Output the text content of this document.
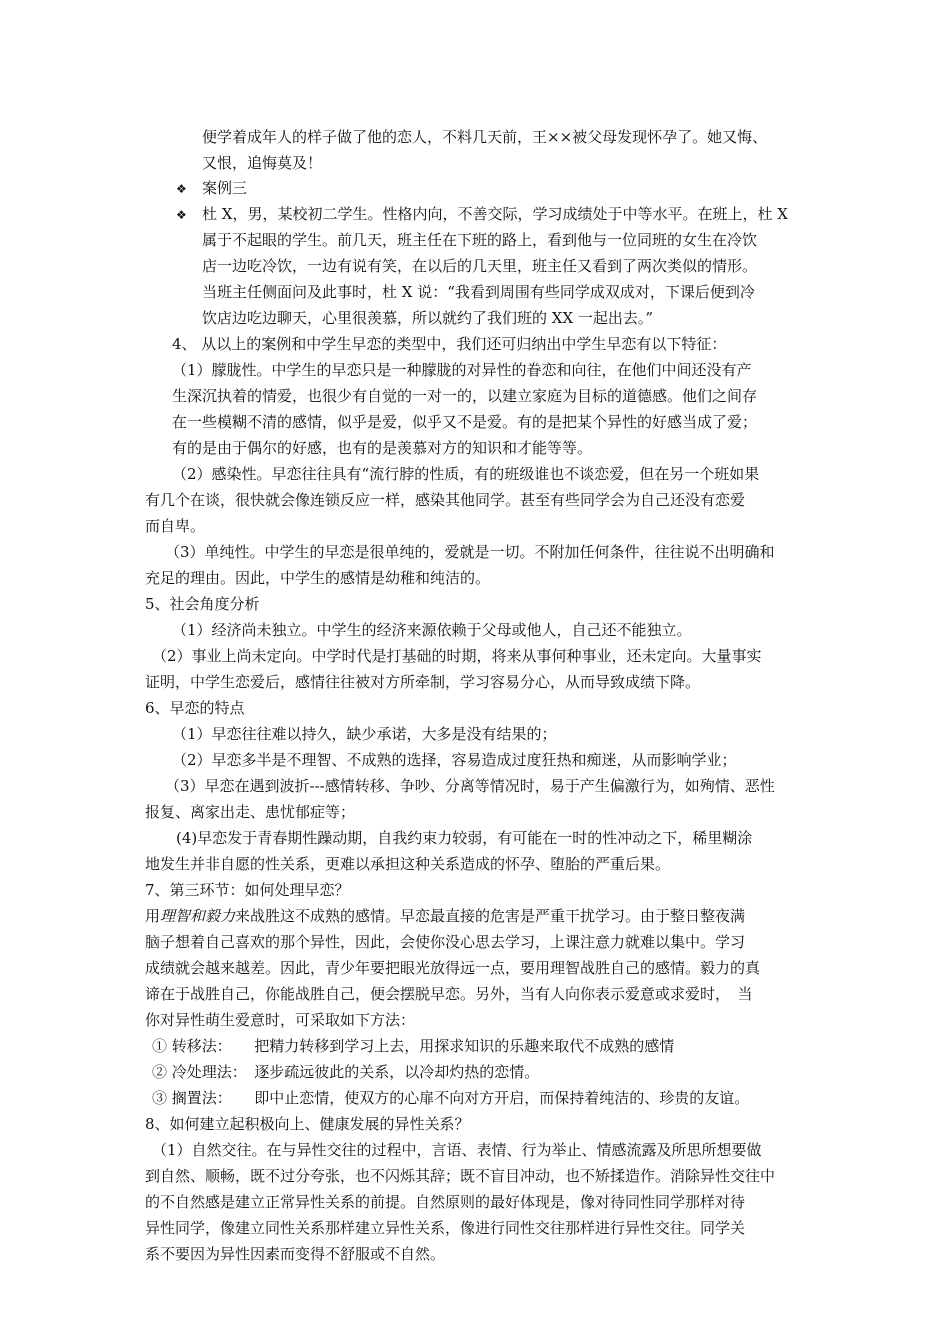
便学着成年人的样子做了他的恋人，不料几天前，王××被父母发现怀孕了。她又悔、
又恨，追悔莫及！
❖ 案例三
❖ 杜 X，男，某校初二学生。性格内向，不善交际，学习成绩处于中等水平。在班上，杜 X
属于不起眼的学生。前几天，班主任在下班的路上，看到他与一位同班的女生在冷饮
店一边吃冷饮，一边有说有笑，在以后的几天里，班主任又看到了两次类似的情形。
当班主任侧面问及此事时，杜 X 说：“我看到周围有些同学成双成对，下课后便到冷
饮店边吃边聊天，心里很羡慕，所以就约了我们班的 XX 一起出去。”
4、 从以上的案例和中学生早恋的类型中，我们还可归纳出中学生早恋有以下特征：
（1）朦胧性。中学生的早恋只是一种朦胧的对异性的眷恋和向往，在他们中间还没有产
生深沉执着的情爱，也很少有自觉的一对一的，以建立家庭为目标的道德感。他们之间存
在一些模糊不清的感情，似乎是爱，似乎又不是爱。有的是把某个异性的好感当成了爱；
有的是由于偶尔的好感，也有的是羡慕对方的知识和才能等等。
（2）感染性。早恋往往具有“流行脖的性质，有的班级谁也不谈恋爱，但在另一个班如果
有几个在谈，很快就会像连锁反应一样，感染其他同学。甚至有些同学会为自己还没有恋爱
而自卑。
（3）单纯性。中学生的早恋是很单纯的，爱就是一切。不附加任何条件，往往说不出明确和
充足的理由。因此，中学生的感情是幼稚和纯洁的。
5、社会角度分析
（1）经济尚未独立。中学生的经济来源依赖于父母或他人，自己还不能独立。
（2）事业上尚未定向。中学时代是打基础的时期，将来从事何种事业，还未定向。大量事实
证明，中学生恋爱后，感情往往被对方所牵制，学习容易分心，从而导致成绩下降。
6、早恋的特点
（1）早恋往往难以持久，缺少承诺，大多是没有结果的；
（2）早恋多半是不理智、不成熟的选择，容易造成过度狂热和痴迷，从而影响学业；
（3）早恋在遇到波折---感情转移、争吵、分离等情况时，易于产生偏激行为，如殉情、恶性
报复、离家出走、患忧郁症等；
(4)早恋发于青春期性躁动期，自我约束力较弱，有可能在一时的性冲动之下，稀里糊涂
地发生并非自愿的性关系，更难以承担这种关系造成的怀孕、堕胎的严重后果。
7、第三环节：如何处理早恋？
用理智和毅力来战胜这不成熟的感情。早恋最直接的危害是严重干扰学习。由于整日整夜满
脑子想着自己喜欢的那个异性，因此，会使你没心思去学习，上课注意力就难以集中。学习
成绩就会越来越差。因此，青少年要把眼光放得远一点，要用理智战胜自己的感情。毅力的真
谛在于战胜自己，你能战胜自己，便会摆脱早恋。另外，当有人向你表示爱意或求爱时，　当
你对异性萌生爱意时，可采取如下方法：
① 转移法：　　把精力转移到学习上去，用探求知识的乐趣来取代不成熟的感情
② 冷处理法：　逐步疏远彼此的关系，以冷却灼热的恋情。
③ 搁置法：　　即中止恋情，使双方的心扉不向对方开启，而保持着纯洁的、珍贵的友谊。
8、如何建立起积极向上、健康发展的异性关系？
（1）自然交往。在与异性交往的过程中，言语、表情、行为举止、情感流露及所思所想要做
到自然、顺畅，既不过分夸张，也不闪烁其辞；既不盲目冲动，也不矫揉造作。消除异性交往中
的不自然感是建立正常异性关系的前提。自然原则的最好体现是，像对待同性同学那样对待
异性同学，像建立同性关系那样建立异性关系，像进行同性交往那样进行异性交往。同学关
系不要因为异性因素而变得不舒服或不自然。
